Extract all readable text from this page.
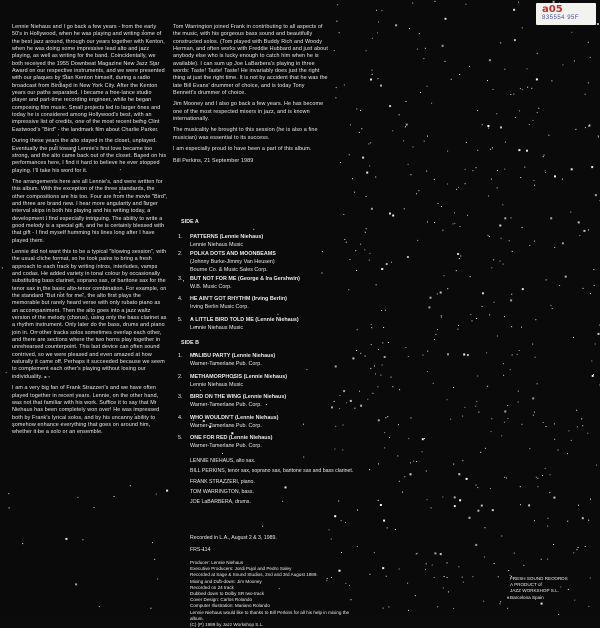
a05
835554 95F

Lennie Niehaus and I go back a few years - from the early 50's in Hollywood, when he was playing and writing some of the best jazz around, through our years together with Kenton, when he was doing some impressive lead alto and jazz playing, as well as writing for the band. Coincidentally, we both received the 1955 Downbeat Magazine New Jazz Star Award on our respective instruments, and we were presented with our plaques by Stan Kenton himself, during a radio broadcast from Birdland in New York City. After the Kenton years our paths separated. I became a free-lance studio player and part-time recording engineer, while he began composing film music. Small projects led to larger ones and today he is considered among Hollywood's best, with an impressive list of credits, one of the most recent being Clint Eastwood's "Bird" - the landmark film about Charlie Parker.

During these years the alto stayed in the closet, unplayed. Eventually the pull toward Lennie's first love became too strong, and the alto came back out of the closet. Based on his performances here, I find it hard to believe he ever stopped playing. I'll take his word for it.

The arrangements here are all Lennie's, and were written for this album. With the exception of the three standards, the other compositions are his too. Four are from the movie "Bird", and three are brand new. I hear more angularity and larger interval skips in both his playing and his writing today, a development I find especially intriguing. The ability to write a good melody is a special gift, and he is certainly blessed with that gift - I find myself humming his lines long after I have played them.

Lennie did not want this to be a typical "blowing session", with the usual cliche format, so he took pains to bring a fresh approach to each track by writing intros, interludes, vamps and codas. He added variety in tonal colour by occasionally substituting bass clarinet, soprano sax, or baritone sax for the tenor sax in the basic alto-tenor combination. For example, on the standard "But not for me", the alto first plays the memorable but rarely heard verse with only rubato piano as an accompaniment. Then the alto goes into a jazz waltz version of the melody (chorus), using only the bass clarinet as a rhythm instrument. Only later do the bass, drums and piano join in. On other tracks solos sometimes overlap each other, and there are sections where the two horns play together in unrehearsed counterpoint. This last device can often sound contrived, so we were pleased and even amazed at how naturally it came off. Perhaps it succeeded because we seem to complement each other's playing without losing our individuality.

I am a very big fan of Frank Strazzeri's and we have often played together in recent years. Lennie, on the other hand, was not that familiar with his work. Suffice it to say that Mr Niehaus has been completely won over! He was impressed both by Frank's lyrical solos, and by his uncanny ability to somehow enhance everything that goes on around him, whether it be a solo or an ensemble.

Tom Warrington joined Frank in contributing to all aspects of the music, with his gorgeous bass sound and beautifully constructed solos. (Tom played with Buddy Rich and Woody Herman, and often works with Freddie Hubbard and just about anybody else who is lucky enough to catch him when he is available). I can sum up Joe LaBarbera's playing in three words: Taste! Taste! Taste! He invariably does just the right thing at just the right time. It is not by accident that he was the late Bill Evans' drummer of choice, and is today Tony Bennett's drummer of choice.

Jim Mooney and I also go back a few years. He has become one of the most respected mixers in jazz, and is known internationally.

The musicality he brought to this session (he is also a fine musician) was essential to its success.

I am especially proud to have been a part of this album.

Bill Perkins, 21 September 1989

SIDE A
1. PATTERNS (Lennie Niehaus)
Lennie Niehaus Music
2. POLKA DOTS AND MOONBEAMS
(Johnny Burke-Jimmy Van Heusen)
Bourne Co. & Music Sales Corp.
3. BUT NOT FOR ME (George & Ira Gershwin)
W.B. Music Corp.
4. HE AIN'T GOT RHYTHM (Irving Berlin)
Irving Berlin Music Corp.
5. A LITTLE BIRD TOLD ME (Lennie Niehaus)
Lennie Niehaus Music
SIDE B
1. MALIBU PARTY (Lennie Niehaus)
Warner-Tamerlane Pub. Corp.
2. METHAMORPHOSIS (Lennie Niehaus)
Lennie Niehaus Music
3. BIRD ON THE WING (Lennie Niehaus)
Warner-Tamerlane Pub. Corp.
4. WHO WOULDN'T (Lennie Niehaus)
Warner-Tamerlane Pub. Corp.
5. ONE FOR RED (Lennie Niehaus)
Warner-Tamerlane Pub. Corp.

LENNIE NIEHAUS, alto sax.

BILL PERKINS, tenor sax, soprano sax, baritone sax and bass clarinet.

FRANK STRAZZERI, piano.

TOM WARRINGTON, bass.

JOE LaBARBERA, drums.

Recorded in L.A., August 2 & 3, 1989.
FRS-114
Producer: Lennie Niehaus
Executive Producers: Jordi Pujol and Pedro Saley
Recorded at Sage & Sound Studios, 2nd and 3rd August 1989.
Mixing and Dub-down: Jim Mooney
Recorded on 24 track
Dubbed down to Dolby SR two-track
Cover Design: Carlos Rolando
Computer Illustration: Mariano Rolando
Lennie Niehaus would like to thanks to Bill Perkins for all his help in mixing the album.
(C) (P) 1989 by Jazz Workshop S.L.
FRESH SOUND RECORDS
A PRODUCT of
JAZZ WORKSHOP S.L.
Barcelona Spain
